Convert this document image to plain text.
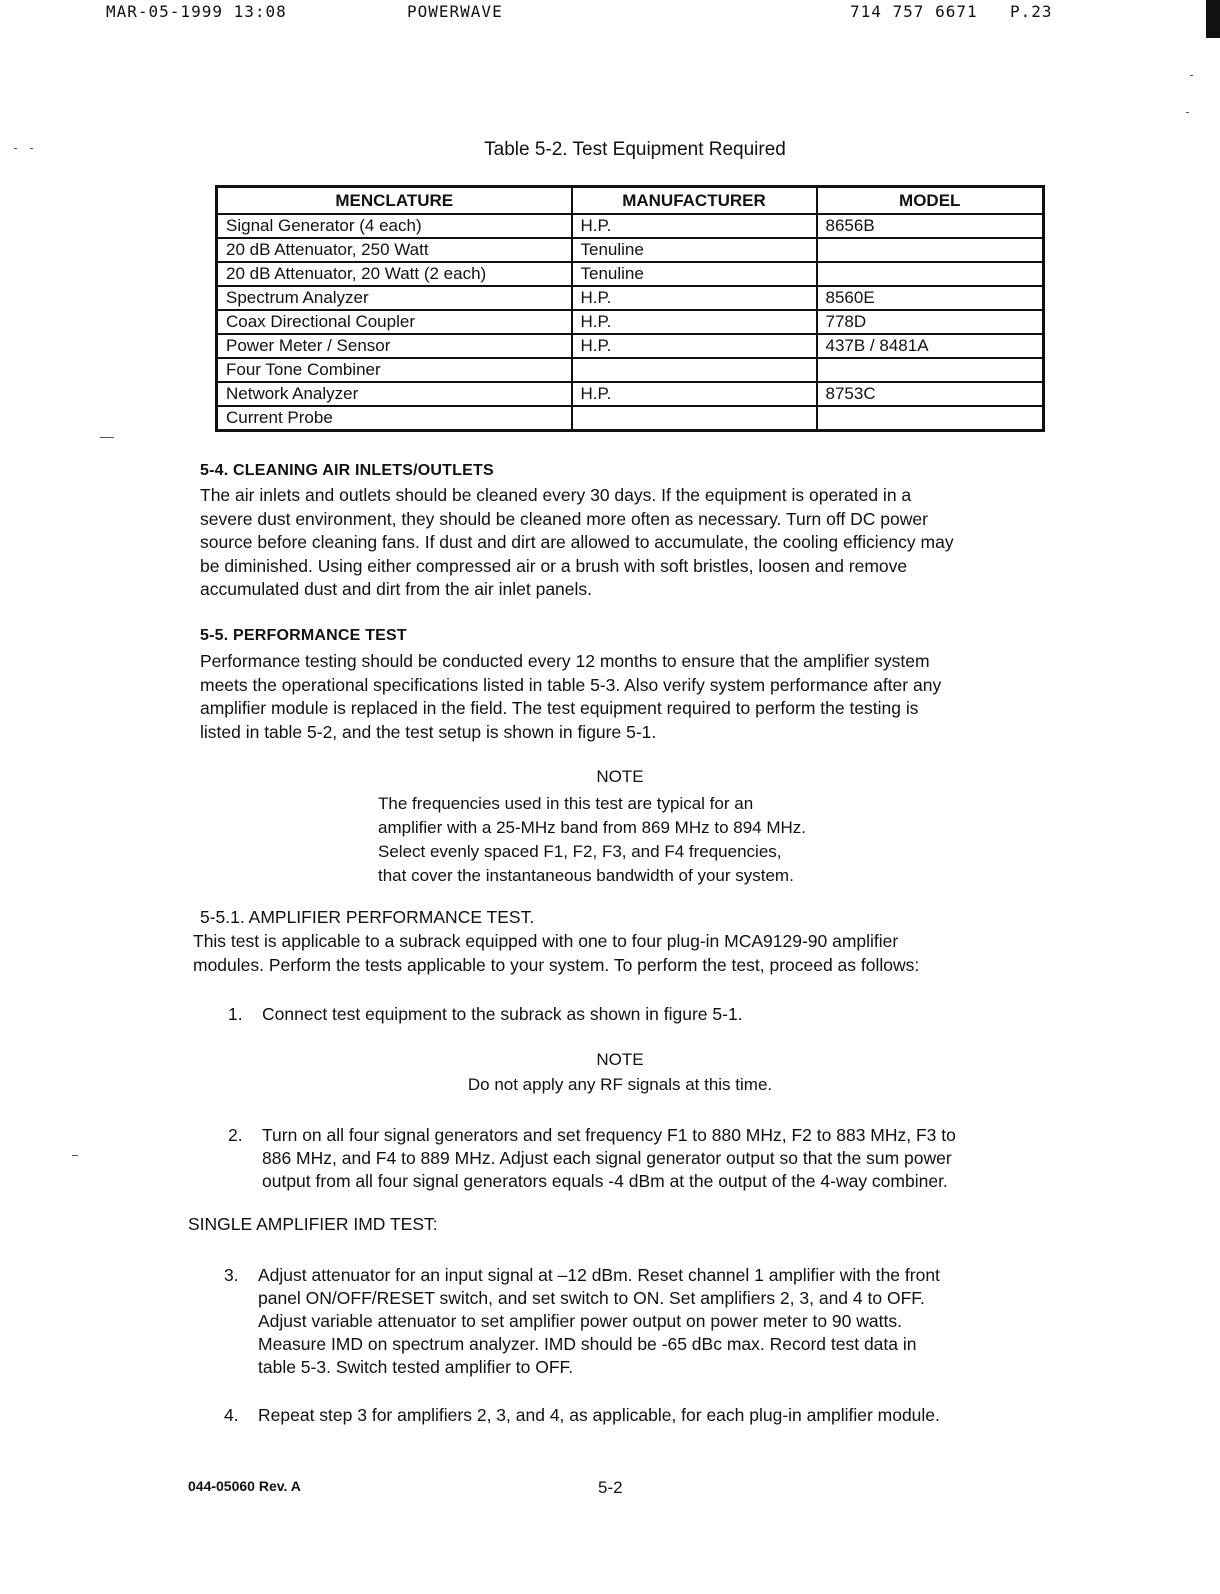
MAR-05-1999 13:08	POWERWAVE	714 757 6671 P.23
Table 5-2. Test Equipment Required
MENCLATURE	MANUFACTURER	MODEL
Signal Generator (4 each)	H.P.	8656B
20 dB Attenuator, 250 Watt	Tenuline	
20 dB Attenuator, 20 Watt (2 each)	Tenuline	
Spectrum Analyzer	H.P.	8560E
Coax Directional Coupler	H.P.	778D
Power Meter / Sensor	H.P.	437B / 8481A
Four Tone Combiner		
Network Analyzer	H.P.	8753C
Current Probe		
5-4. CLEANING AIR INLETS/OUTLETS
The air inlets and outlets should be cleaned every 30 days. If the equipment is operated in a
severe dust environment, they should be cleaned more often as necessary. Turn off DC power
source before cleaning fans. If dust and dirt are allowed to accumulate, the cooling efficiency may
be diminished. Using either compressed air or a brush with soft bristles, loosen and remove
accumulated dust and dirt from the air inlet panels.
5-5. PERFORMANCE TEST
Performance testing should be conducted every 12 months to ensure that the amplifier system
meets the operational specifications listed in table 5-3. Also verify system performance after any
amplifier module is replaced in the field. The test equipment required to perform the testing is
listed in table 5-2, and the test setup is shown in figure 5-1.
NOTE
The frequencies used in this test are typical for an
amplifier with a 25-MHz band from 869 MHz to 894 MHz.
Select evenly spaced F1, F2, F3, and F4 frequencies,
that cover the instantaneous bandwidth of your system.
5-5.1. AMPLIFIER PERFORMANCE TEST.
This test is applicable to a subrack equipped with one to four plug-in MCA9129-90 amplifier
modules. Perform the tests applicable to your system. To perform the test, proceed as follows:
1. Connect test equipment to the subrack as shown in figure 5-1.
NOTE
Do not apply any RF signals at this time.
2. Turn on all four signal generators and set frequency F1 to 880 MHz, F2 to 883 MHz, F3 to
886 MHz, and F4 to 889 MHz. Adjust each signal generator output so that the sum power
output from all four signal generators equals -4 dBm at the output of the 4-way combiner.
SINGLE AMPLIFIER IMD TEST:
3. Adjust attenuator for an input signal at –12 dBm. Reset channel 1 amplifier with the front
panel ON/OFF/RESET switch, and set switch to ON. Set amplifiers 2, 3, and 4 to OFF.
Adjust variable attenuator to set amplifier power output on power meter to 90 watts.
Measure IMD on spectrum analyzer. IMD should be -65 dBc max. Record test data in
table 5-3. Switch tested amplifier to OFF.
4. Repeat step 3 for amplifiers 2, 3, and 4, as applicable, for each plug-in amplifier module.
044-05060 Rev. A	5-2
